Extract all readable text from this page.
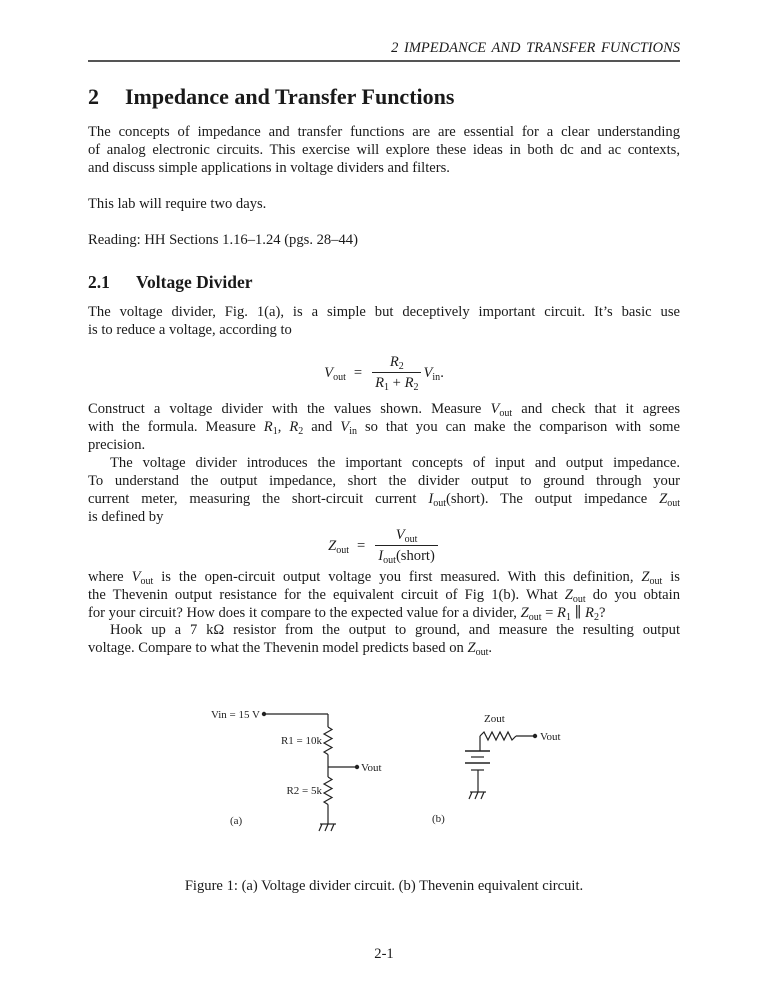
2 IMPEDANCE AND TRANSFER FUNCTIONS
2 Impedance and Transfer Functions
The concepts of impedance and transfer functions are are essential for a clear understanding
of analog electronic circuits. This exercise will explore these ideas in both dc and ac contexts,
and discuss simple applications in voltage dividers and filters.
This lab will require two days.
Reading: HH Sections 1.16–1.24 (pgs. 28–44)
2.1 Voltage Divider
The voltage divider, Fig. 1(a), is a simple but deceptively important circuit. It’s basic use
is to reduce a voltage, according to
$V_{out} = \frac{R_2}{R_1 + R_2} V_{in}$ .
Construct a voltage divider with the values shown. Measure $V_{out}$ and check that it agrees
with the formula. Measure $R_1$, $R_2$ and $V_{in}$ so that you can make the comparison with some
precision.
The voltage divider introduces the important concepts of input and output impedance.
To understand the output impedance, short the divider output to ground through your
current meter, measuring the short-circuit current $I_{out}(short)$. The output impedance $Z_{out}$
is defined by
$Z_{out} = \frac{V_{out}}{I_{out}(short)}$
where $V_{out}$ is the open-circuit output voltage you first measured. With this definition, $Z_{out}$ is
the Thevenin output resistance for the equivalent circuit of Fig 1(b). What $Z_{out}$ do you obtain
for your circuit? How does it compare to the expected value for a divider, $Z_{out} = R_1$ ∥ $R_2$?
Hook up a 7 kΩ resistor from the output to ground, and measure the resulting output
voltage. Compare to what the Thevenin model predicts based on $Z_{out}$.
Vin = 15 V
R1 = 10k
Vout
R2 = 5k
(a)
Zout
Vout
(b)
Figure 1: (a) Voltage divider circuit. (b) Thevenin equivalent circuit.
2-1
